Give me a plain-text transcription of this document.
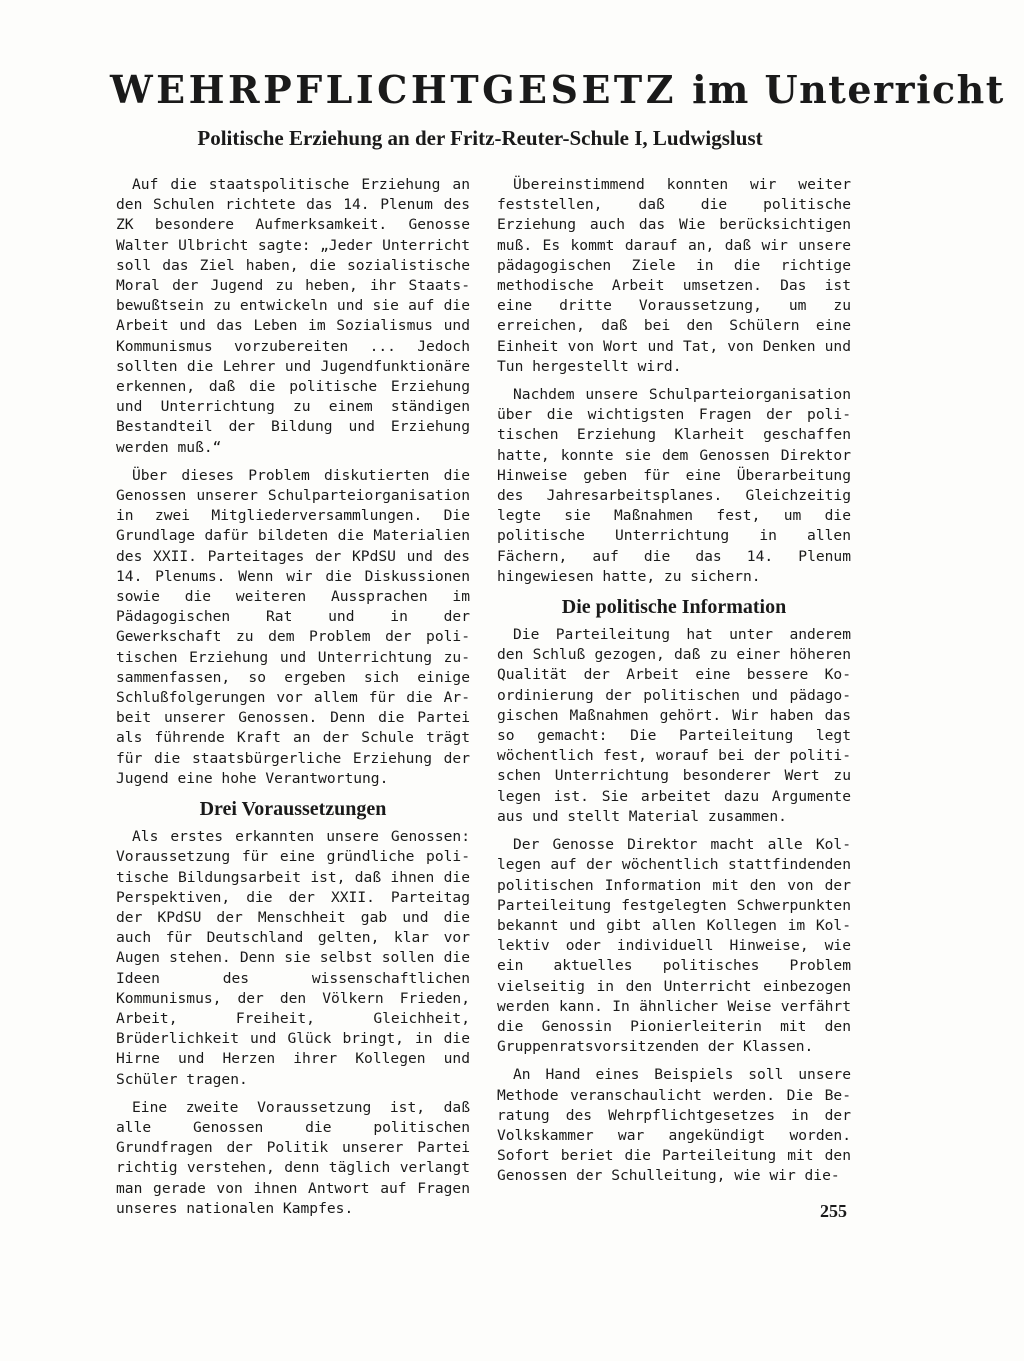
WEHRPFLICHTGESETZ im Unterricht
Politische Erziehung an der Fritz-Reuter-Schule I, Ludwigslust

Auf die staatspolitische Erziehung an den Schulen richtete das 14. Plenum des ZK besondere Aufmerksamkeit. Genosse Walter Ulbricht sagte: „Jeder Unterricht soll das Ziel haben, die sozialistische Moral der Jugend zu heben, ihr Staatsbewußtsein zu entwickeln und sie auf die Arbeit und das Leben im Sozialismus und Kommunismus vorzubereiten ... Jedoch sollten die Lehrer und Jugendfunktionäre erkennen, daß die politische Erziehung und Unterrichtung zu einem ständigen Bestandteil der Bildung und Erziehung werden muß.“

Über dieses Problem diskutierten die Genossen unserer Schulparteiorganisation in zwei Mitgliederversammlungen. Die Grundlage dafür bildeten die Materialien des XXII. Parteitages der KPdSU und des 14. Plenums. Wenn wir die Diskussionen sowie die weiteren Aussprachen im Pädagogischen Rat und in der Gewerkschaft zu dem Problem der politischen Erziehung und Unterrichtung zusammenfassen, so ergeben sich einige Schlußfolgerungen vor allem für die Arbeit unserer Genossen. Denn die Partei als führende Kraft an der Schule trägt für die staatsbürgerliche Erziehung der Jugend eine hohe Verantwortung.

Drei Voraussetzungen

Als erstes erkannten unsere Genossen: Voraussetzung für eine gründliche politische Bildungsarbeit ist, daß ihnen die Perspektiven, die der XXII. Parteitag der KPdSU der Menschheit gab und die auch für Deutschland gelten, klar vor Augen stehen. Denn sie selbst sollen die Ideen des wissenschaftlichen Kommunismus, der den Völkern Frieden, Arbeit, Freiheit, Gleichheit, Brüderlichkeit und Glück bringt, in die Hirne und Herzen ihrer Kollegen und Schüler tragen.

Eine zweite Voraussetzung ist, daß alle Genossen die politischen Grundfragen der Politik unserer Partei richtig verstehen, denn täglich verlangt man gerade von ihnen Antwort auf Fragen unseres nationalen Kampfes.

Übereinstimmend konnten wir weiter feststellen, daß die politische Erziehung auch das Wie berücksichtigen muß. Es kommt darauf an, daß wir unsere pädagogischen Ziele in die richtige methodische Arbeit umsetzen. Das ist eine dritte Voraussetzung, um zu erreichen, daß bei den Schülern eine Einheit von Wort und Tat, von Denken und Tun hergestellt wird.

Nachdem unsere Schulparteiorganisation über die wichtigsten Fragen der politischen Erziehung Klarheit geschaffen hatte, konnte sie dem Genossen Direktor Hinweise geben für eine Überarbeitung des Jahresarbeitsplanes. Gleichzeitig legte sie Maßnahmen fest, um die politische Unterrichtung in allen Fächern, auf die das 14. Plenum hingewiesen hatte, zu sichern.

Die politische Information

Die Parteileitung hat unter anderem den Schluß gezogen, daß zu einer höheren Qualität der Arbeit eine bessere Koordinierung der politischen und pädagogischen Maßnahmen gehört. Wir haben das so gemacht: Die Parteileitung legt wöchentlich fest, worauf bei der politischen Unterrichtung besonderer Wert zu legen ist. Sie arbeitet dazu Argumente aus und stellt Material zusammen.

Der Genosse Direktor macht alle Kollegen auf der wöchentlich stattfindenden politischen Information mit den von der Parteileitung festgelegten Schwerpunkten bekannt und gibt allen Kollegen im Kollektiv oder individuell Hinweise, wie ein aktuelles politisches Problem vielseitig in den Unterricht einbezogen werden kann. In ähnlicher Weise verfährt die Genossin Pionierleiterin mit den Gruppenratsvorsitzenden der Klassen.

An Hand eines Beispiels soll unsere Methode veranschaulicht werden. Die Beratung des Wehrpflichtgesetzes in der Volkskammer war angekündigt worden. Sofort beriet die Parteileitung mit den Genossen der Schulleitung, wie wir die-

255
